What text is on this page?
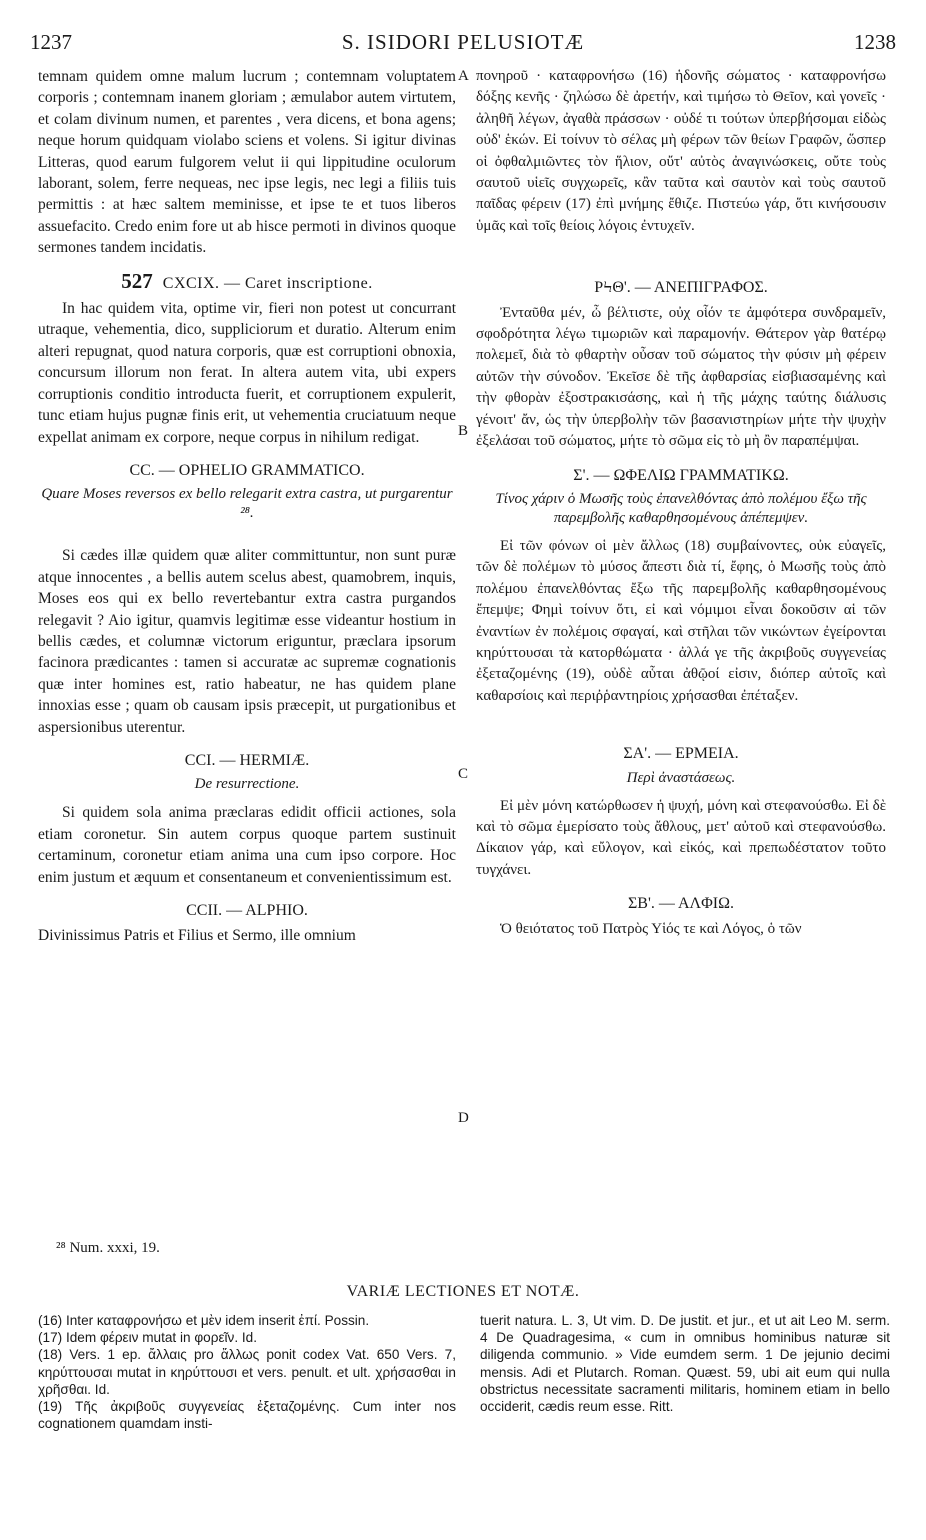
1237	S. ISIDORI PELUSIOTÆ	1238
A
B
C
D

temnam quidem omne malum lucrum ; contemnam voluptatem corporis ; contemnam inanem gloriam ; æmulabor autem virtutem, et colam divinum numen, et parentes , vera dicens, et bona agens; neque horum quidquam violabo sciens et volens. Si igitur divinas Litteras, quod earum fulgorem velut ii qui lippitudine oculorum laborant, solem, ferre nequeas, nec ipse legis, nec legi a filiis tuis permittis : at hæc saltem meminisse, et ipse te et tuos liberos assuefacito. Credo enim fore ut ab hisce permoti in divinos quoque sermones tandem incidatis.

527 CXCIX. — Caret inscriptione.

In hac quidem vita, optime vir, fieri non potest ut concurrant utraque, vehementia, dico, suppliciorum et duratio. Alterum enim alteri repugnat, quod natura corporis, quæ est corruptioni obnoxia, concursum illorum non ferat. In altera autem vita, ubi expers corruptionis conditio introducta fuerit, et corruptionem expulerit, tunc etiam hujus pugnæ finis erit, ut vehementia cruciatuum neque expellat animam ex corpore, neque corpus in nihilum redigat.

CC. — OPHELIO GRAMMATICO.
Quare Moses reversos ex bello relegarit extra castra, ut purgarentur ²⁸.

Si cædes illæ quidem quæ aliter committuntur, non sunt puræ atque innocentes , a bellis autem scelus abest, quamobrem, inquis, Moses eos qui ex bello revertebantur extra castra purgandos relegavit ? Aio igitur, quamvis legitimæ esse videantur hostium in bellis cædes, et columnæ victorum eriguntur, præclara ipsorum facinora prædicantes : tamen si accuratæ ac supremæ cognationis quæ inter homines est, ratio habeatur, ne has quidem plane innoxias esse ; quam ob causam ipsis præcepit, ut purgationibus et aspersionibus uterentur.

CCI. — HERMIÆ.
De resurrectione.

Si quidem sola anima præclaras edidit officii actiones, sola etiam coronetur. Sin autem corpus quoque partem sustinuit certaminum, coronetur etiam anima una cum ipso corpore. Hoc enim justum et æquum et consentaneum et convenientissimum est.

CCII. — ALPHIO.

Divinissimus Patris et Filius et Sermo, ille omnium

πονηροῦ · καταφρονήσω (16) ἡδονῆς σώματος · καταφρονήσω δόξης κενῆς · ζηλώσω δὲ ἀρετήν, καὶ τιμήσω τὸ Θεῖον, καὶ γονεῖς · ἀληθῆ λέγων, ἀγαθὰ πράσσων · οὐδέ τι τούτων ὑπερβήσομαι εἰδὼς οὐδ' ἑκών. Εἰ τοίνυν τὸ σέλας μὴ φέρων τῶν θείων Γραφῶν, ὥσπερ οἱ ὀφθαλμιῶντες τὸν ἥλιον, οὔτ' αὐτὸς ἀναγινώσκεις, οὔτε τοὺς σαυτοῦ υἱεῖς συγχωρεῖς, κἂν ταῦτα καὶ σαυτὸν καὶ τοὺς σαυτοῦ παῖδας φέρειν (17) ἐπὶ μνήμης ἔθιζε. Πιστεύω γάρ, ὅτι κινήσουσιν ὑμᾶς καὶ τοῖς θείοις λόγοις ἐντυχεῖν.

ΡϞΘ'. — ΑΝΕΠΙΓΡΑΦΟΣ.

Ἐνταῦθα μέν, ὦ βέλτιστε, οὐχ οἷόν τε ἀμφότερα συνδραμεῖν, σφοδρότητα λέγω τιμωριῶν καὶ παραμονήν. Θάτερον γὰρ θατέρῳ πολεμεῖ, διὰ τὸ φθαρτὴν οὖσαν τοῦ σώματος τὴν φύσιν μὴ φέρειν αὐτῶν τὴν σύνοδον. Ἐκεῖσε δὲ τῆς ἀφθαρσίας εἰσβιασαμένης καὶ τὴν φθορὰν ἐξοστρακισάσης, καὶ ἡ τῆς μάχης ταύτης διάλυσις γένοιτ' ἄν, ὡς τὴν ὑπερβολὴν τῶν βασανιστηρίων μήτε τὴν ψυχὴν ἐξελάσαι τοῦ σώματος, μήτε τὸ σῶμα εἰς τὸ μὴ ὂν παραπέμψαι.

Σ'. — ΩΦΕΛΙΩ ΓΡΑΜΜΑΤΙΚΩ.
Τίνος χάριν ὁ Μωσῆς τοὺς ἐπανελθόντας ἀπὸ πολέμου ἔξω τῆς παρεμβολῆς καθαρθησομένους ἀπέπεμψεν.

Εἰ τῶν φόνων οἱ μὲν ἄλλως (18) συμβαίνοντες, οὐκ εὐαγεῖς, τῶν δὲ πολέμων τὸ μύσος ἄπεστι διὰ τί, ἔφης, ὁ Μωσῆς τοὺς ἀπὸ πολέμου ἐπανελθόντας ἔξω τῆς παρεμβολῆς καθαρθησομένους ἔπεμψε; Φημὶ τοίνυν ὅτι, εἰ καὶ νόμιμοι εἶναι δοκοῦσιν αἱ τῶν ἐναντίων ἐν πολέμοις σφαγαί, καὶ στῆλαι τῶν νικώντων ἐγείρονται κηρύττουσαι τὰ κατορθώματα · ἀλλά γε τῆς ἀκριβοῦς συγγενείας ἐξεταζομένης (19), οὐδὲ αὗται ἀθῷοί εἰσιν, διόπερ αὐτοῖς καὶ καθαρσίοις καὶ περιῤῥαντηρίοις χρήσασθαι ἐπέταξεν.

ΣΑ'. — ΕΡΜΕΙΑ.
Περὶ ἀναστάσεως.

Εἰ μὲν μόνη κατώρθωσεν ἡ ψυχή, μόνη καὶ στεφανούσθω. Εἰ δὲ καὶ τὸ σῶμα ἐμερίσατο τοὺς ἄθλους, μετ' αὐτοῦ καὶ στεφανούσθω. Δίκαιον γάρ, καὶ εὔλογον, καὶ εἰκός, καὶ πρεπωδέστατον τοῦτο τυγχάνει.

ΣΒ'. — ΑΛΦΙΩ.

Ὁ θειότατος τοῦ Πατρὸς Υἱός τε καὶ Λόγος, ὁ τῶν

²⁸ Num. xxxi, 19.
VARIÆ LECTIONES ET NOTÆ.

(16) Inter καταφρονήσω et μὲν idem inserit ἐπί. Possin.

(17) Idem φέρειν mutat in φορεῖν. Id.

(18) Vers. 1 ep. ἄλλαις pro ἄλλως ponit codex Vat. 650 Vers. 7, κηρύττουσαι mutat in κηρύττουσι et vers. penult. et ult. χρήσασθαι in χρῆσθαι. Id.

(19) Τῆς ἀκριβοῦς συγγενείας ἐξεταζομένης. Cum inter nos cognationem quamdam insti-

tuerit natura. L. 3, Ut vim. D. De justit. et jur., et ut ait Leo M. serm. 4 De Quadragesima, « cum in omnibus hominibus naturæ sit diligenda communio. » Vide eumdem serm. 1 De jejunio decimi mensis. Adi et Plutarch. Roman. Quæst. 59, ubi ait eum qui nulla obstrictus necessitate sacramenti militaris, hominem etiam in bello occiderit, cædis reum esse. Ritt.
